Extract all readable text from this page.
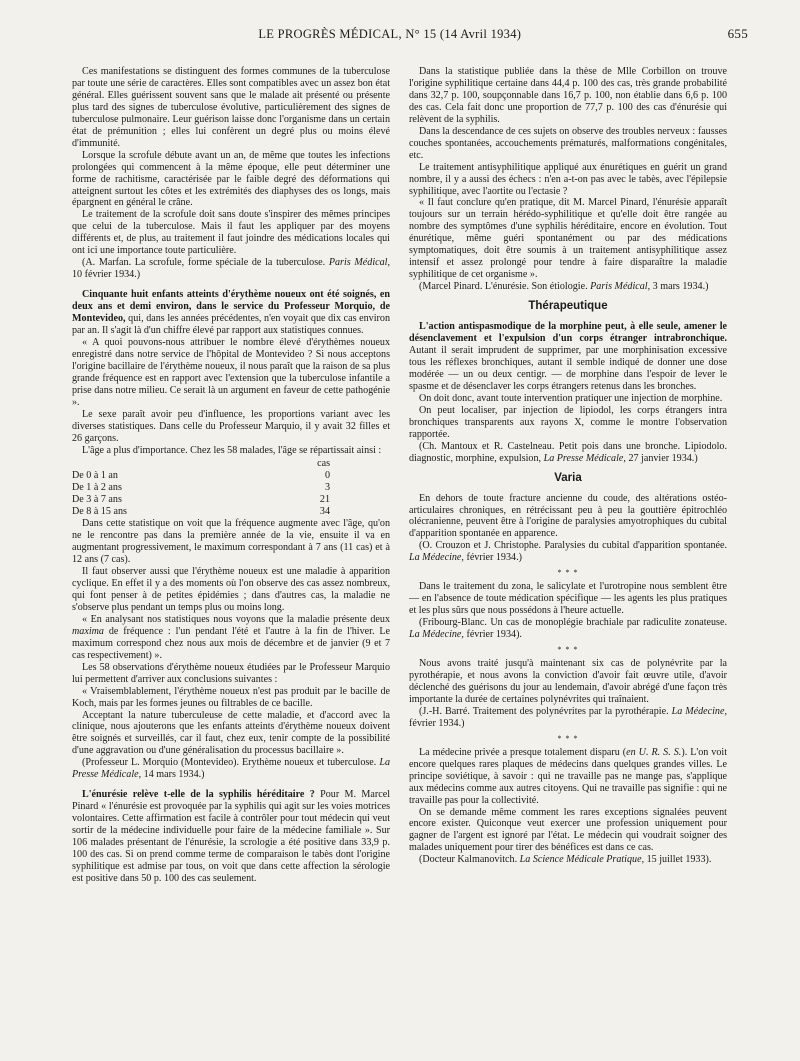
LE PROGRÈS MÉDICAL, N° 15 (14 Avril 1934)	655

Ces manifestations se distinguent des formes communes de la tuberculose par toute une série de caractères. Elles sont compatibles avec un assez bon état général. Elles guérissent souvent sans que le malade ait présenté ou présente plus tard des signes de tuberculose évolutive, particulièrement des signes de tuberculose pulmonaire. Leur guérison laisse donc l'organisme dans un certain état de prémunition ; elles lui confèrent un degré plus ou moins élevé d'immunité.

Lorsque la scrofule débute avant un an, de même que toutes les infections prolongées qui commencent à la même époque, elle peut déterminer une forme de rachitisme, caractérisée par le faible degré des déformations qui atteignent surtout les côtes et les extrémités des diaphyses des os longs, mais épargnent en général le crâne.

Le traitement de la scrofule doit sans doute s'inspirer des mêmes principes que celui de la tuberculose. Mais il faut les appliquer par des moyens différents et, de plus, au traitement il faut joindre des médications locales qui ont ici une importance toute particulière.

(A. Marfan. La scrofule, forme spéciale de la tuberculose. Paris Médical, 10 février 1934.)

Cinquante huit enfants atteints d'érythème noueux ont été soignés, en deux ans et demi environ, dans le service du Professeur Morquio, de Montevideo, qui, dans les années précédentes, n'en voyait que dix cas environ par an. Il s'agit là d'un chiffre élevé par rapport aux statistiques connues.

« A quoi pouvons-nous attribuer le nombre élevé d'érythèmes noueux enregistré dans notre service de l'hôpital de Montevideo ? Si nous acceptons l'origine bacillaire de l'érythème noueux, il nous paraît que la raison de sa plus grande fréquence est en rapport avec l'extension que la tuberculose infantile a prise dans notre milieu. Ce serait là un argument en faveur de cette pathogénie ».

Le sexe paraît avoir peu d'influence, les proportions variant avec les diverses statistiques. Dans celle du Professeur Marquio, il y avait 32 filles et 26 garçons.

L'âge a plus d'importance. Chez les 58 malades, l'âge se répartissait ainsi :

	cas
De 0 à 1 an	0
De 1 à 2 ans	3
De 3 à 7 ans	21
De 8 à 15 ans	34

Dans cette statistique on voit que la fréquence augmente avec l'âge, qu'on ne le rencontre pas dans la première année de la vie, ensuite il va en augmentant progressivement, le maximum correspondant à 7 ans (11 cas) et à 12 ans (7 cas).

Il faut observer aussi que l'érythème noueux est une maladie à apparition cyclique. En effet il y a des moments où l'on observe des cas assez nombreux, qui font penser à de petites épidémies ; dans d'autres cas, la maladie ne s'observe plus pendant un temps plus ou moins long.

« En analysant nos statistiques nous voyons que la maladie présente deux maxima de fréquence : l'un pendant l'été et l'autre à la fin de l'hiver. Le maximum correspond chez nous aux mois de décembre et de janvier (9 et 7 cas respectivement) ».

Les 58 observations d'érythème noueux étudiées par le Professeur Marquio lui permettent d'arriver aux conclusions suivantes :

« Vraisemblablement, l'érythème noueux n'est pas produit par le bacille de Koch, mais par les formes jeunes ou filtrables de ce bacille.

Acceptant la nature tuberculeuse de cette maladie, et d'accord avec la clinique, nous ajouterons que les enfants atteints d'érythème noueux doivent être soignés et surveillés, car il faut, chez eux, tenir compte de la possibilité d'une aggravation ou d'une généralisation du processus bacillaire ».

(Professeur L. Morquio (Montevideo). Erythème noueux et tuberculose. La Presse Médicale, 14 mars 1934.)

L'énurésie relève t-elle de la syphilis héréditaire ? Pour M. Marcel Pinard « l'énurésie est provoquée par la syphilis qui agit sur les voies motrices volontaires. Cette affirmation est facile à contrôler pour tout médecin qui veut sortir de la médecine individuelle pour faire de la médecine familiale ». Sur 106 malades présentant de l'énurésie, la scrologie a été positive dans 33,9 p. 100 des cas. Si on prend comme terme de comparaison le tabès dont l'origine syphilitique est admise par tous, on voit que dans cette affection la sérologie est positive dans 50 p. 100 des cas seulement.

Dans la statistique publiée dans la thèse de Mlle Corbillon on trouve l'origine syphilitique certaine dans 44,4 p. 100 des cas, très grande probabilité dans 32,7 p. 100, soupçonnable dans 16,7 p. 100, non établie dans 6,6 p. 100 des cas. Cela fait donc une proportion de 77,7 p. 100 des cas d'énurésie qui relèvent de la syphilis.

Dans la descendance de ces sujets on observe des troubles nerveux : fausses couches spontanées, accouchements prématurés, malformations congénitales, etc.

Le traitement antisyphilitique appliqué aux énurétiques en guérit un grand nombre, il y a aussi des échecs : n'en a-t-on pas avec le tabès, avec l'épilepsie syphilitique, avec l'aortite ou l'ectasie ?

« Il faut conclure qu'en pratique, dit M. Marcel Pinard, l'énurésie apparaît toujours sur un terrain hérédo-syphilitique et qu'elle doit être rangée au nombre des symptômes d'une syphilis héréditaire, encore en évolution. Tout énurétique, même guéri spontanément ou par des médications symptomatiques, doit être soumis à un traitement antisyphilitique assez intensif et assez prolongé pour tendre à faire disparaître la maladie syphilitique de cet organisme ».

(Marcel Pinard. L'énurésie. Son étiologie. Paris Médical, 3 mars 1934.)

Thérapeutique

L'action antispasmodique de la morphine peut, à elle seule, amener le désenclavement et l'expulsion d'un corps étranger intrabronchique. Autant il serait imprudent de supprimer, par une morphinisation excessive tous les réflexes bronchiques, autant il semble indiqué de donner une dose modérée — un ou deux centigr. — de morphine dans l'espoir de lever le spasme et de désenclaver les corps étrangers retenus dans les bronches.

On doit donc, avant toute intervention pratiquer une injection de morphine.

On peut localiser, par injection de lipiodol, les corps étrangers intra bronchiques transparents aux rayons X, comme le montre l'observation rapportée.

(Ch. Mantoux et R. Castelneau. Petit pois dans une bronche. Lipiodolo. diagnostic, morphine, expulsion, La Presse Médicale, 27 janvier 1934.)

Varia

En dehors de toute fracture ancienne du coude, des altérations ostéo-articulaires chroniques, en rétrécissant peu à peu la gouttière épitrochléo olécranienne, peuvent être à l'origine de paralysies amyotrophiques du cubital d'apparition spontanée en apparence.

(O. Crouzon et J. Christophe. Paralysies du cubital d'apparition spontanée. La Médecine, février 1934.)

* * *

Dans le traitement du zona, le salicylate et l'urotropine nous semblent être — en l'absence de toute médication spécifique — les agents les plus pratiques et les plus sûrs que nous possédons à l'heure actuelle.

(Fribourg-Blanc. Un cas de monoplégie brachiale par radiculite zonateuse. La Médecine, février 1934).

* * *

Nous avons traité jusqu'à maintenant six cas de polynévrite par la pyrothérapie, et nous avons la conviction d'avoir fait œuvre utile, d'avoir déclenché des guérisons du jour au lendemain, d'avoir abrégé d'une façon très importante la durée de certaines polynévrites qui traînaient.

(J.-H. Barré. Traitement des polynévrites par la pyrothérapie. La Médecine, février 1934.)

* * *

La médecine privée a presque totalement disparu (en U. R. S. S.). L'on voit encore quelques rares plaques de médecins dans quelques grandes villes. Le principe soviétique, à savoir : qui ne travaille pas ne mange pas, s'applique aux médecins comme aux autres citoyens. Qui ne travaille pas signifie : qui ne travaille pas pour la collectivité.

On se demande même comment les rares exceptions signalées peuvent encore exister. Quiconque veut exercer une profession uniquement pour gagner de l'argent est ignoré par l'état. Le médecin qui voudrait soigner des malades uniquement pour tirer des bénéfices est dans ce cas.

(Docteur Kalmanovitch. La Science Médicale Pratique, 15 juillet 1933).
